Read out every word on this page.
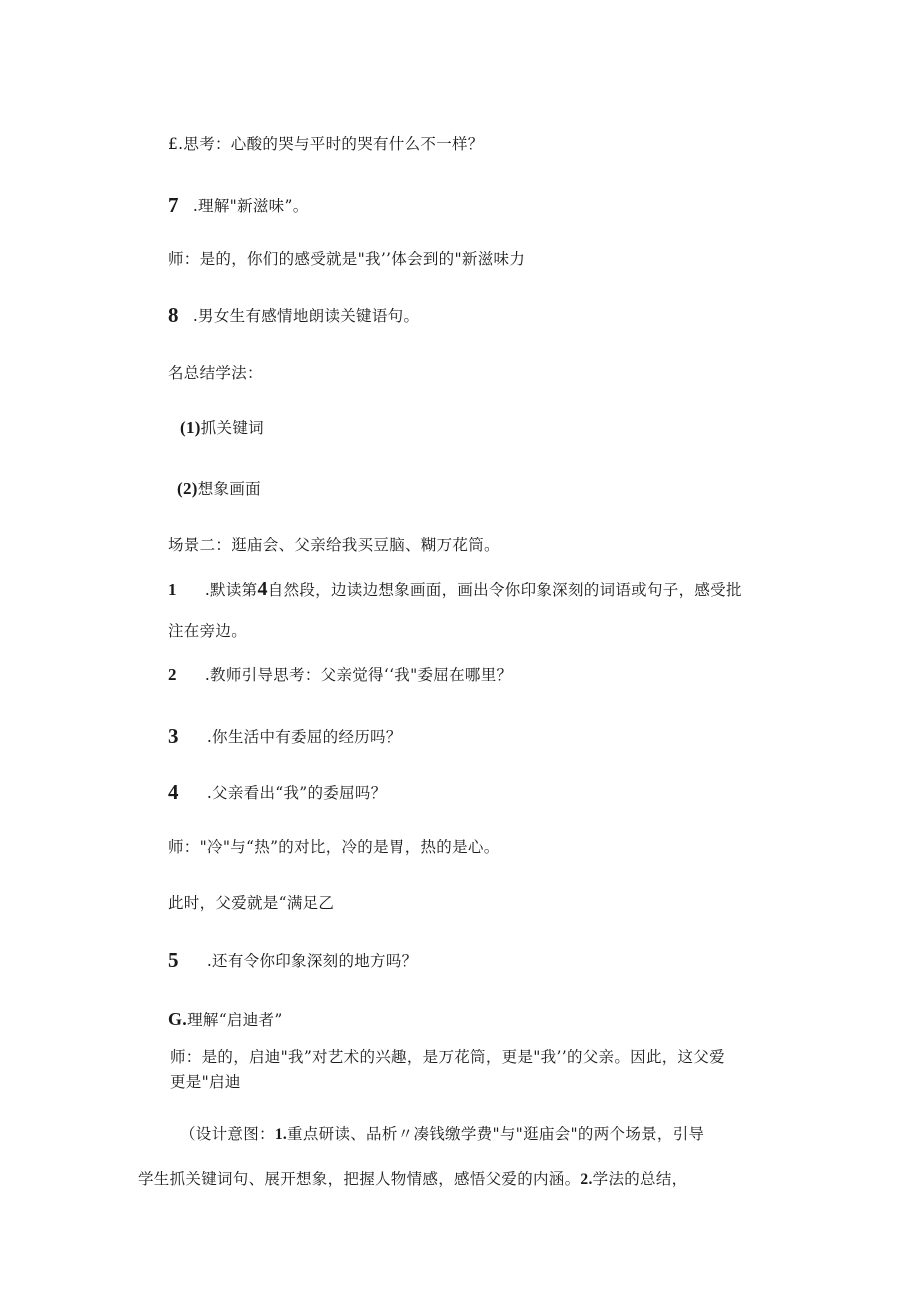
£.思考：心酸的哭与平时的哭有什么不一样？
7 .理解"新滋味”。
师：是的，你们的感受就是"我’’体会到的"新滋味力
8 .男女生有感情地朗读关键语句。
名总结学法：
(1)抓关键词
(2)想象画面
场景二：逛庙会、父亲给我买豆脑、糊万花筒。
1 .默读第4自然段，边读边想象画面，画出令你印象深刻的词语或句子，感受批
注在旁边。
2 .教师引导思考：父亲觉得‘‘我"委屈在哪里？
3 .你生活中有委屈的经历吗？
4 .父亲看出“我”的委屈吗？
师："冷"与“热”的对比，冷的是胃，热的是心。
此时，父爱就是“满足乙
5 .还有令你印象深刻的地方吗？
G.理解“启迪者”
师：是的，启迪"我”对艺术的兴趣，是万花筒，更是"我’’的父亲。因此，这父爱
更是"启迪
（设计意图：1.重点研读、品析〃凑钱缴学费"与"逛庙会"的两个场景，引导
学生抓关键词句、展开想象，把握人物情感，感悟父爱的内涵。2.学法的总结，
